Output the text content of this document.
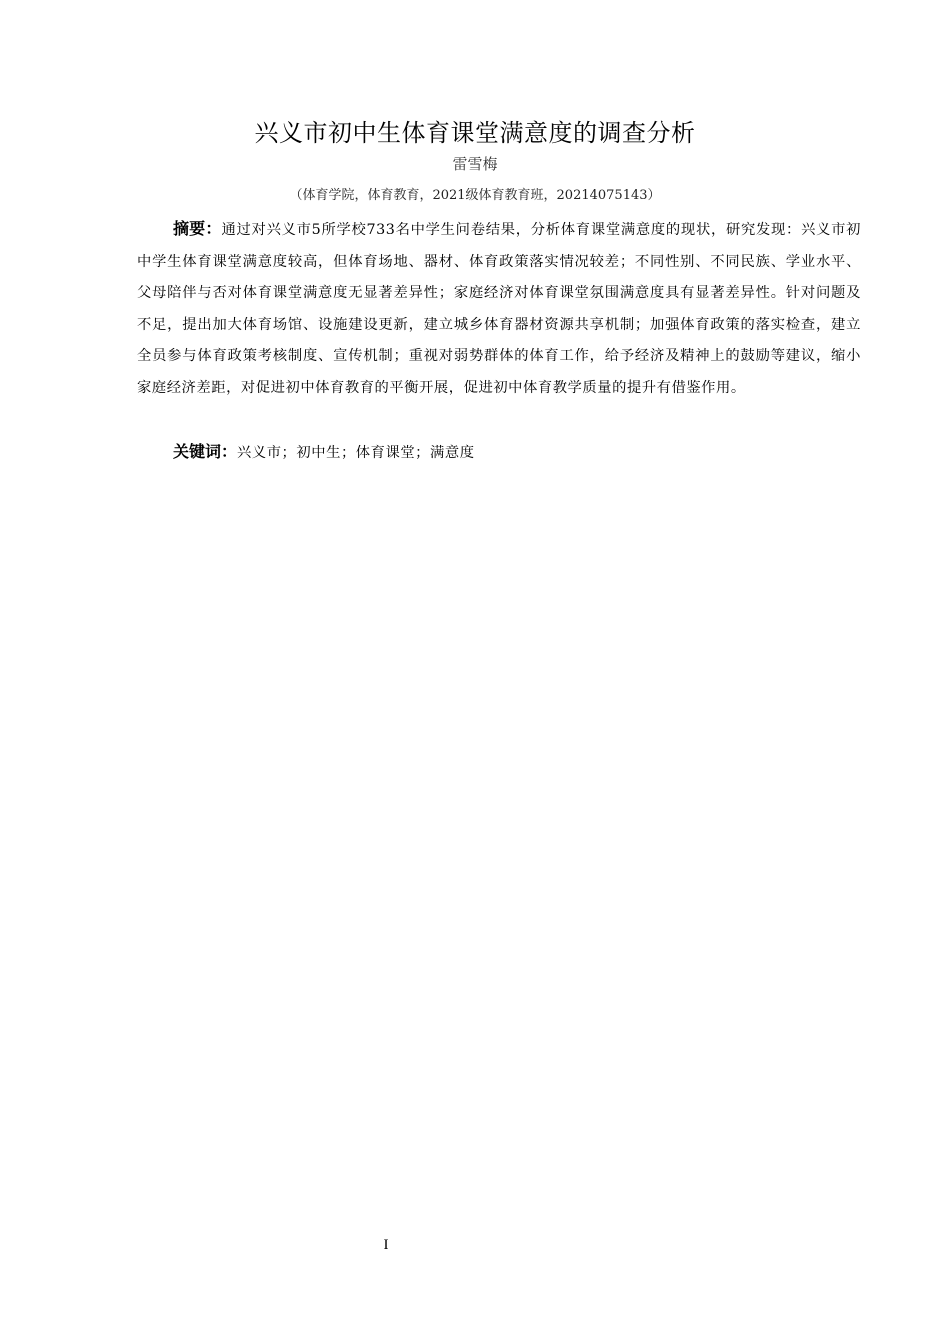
兴义市初中生体育课堂满意度的调查分析
雷雪梅
（体育学院，体育教育，2021级体育教育班，20214075143）

摘要：通过对兴义市5所学校733名中学生问卷结果，分析体育课堂满意度的现状，研究发现：兴义市初中学生体育课堂满意度较高，但体育场地、器材、体育政策落实情况较差；不同性别、不同民族、学业水平、父母陪伴与否对体育课堂满意度无显著差异性；家庭经济对体育课堂氛围满意度具有显著差异性。针对问题及不足，提出加大体育场馆、设施建设更新，建立城乡体育器材资源共享机制；加强体育政策的落实检查，建立全员参与体育政策考核制度、宣传机制；重视对弱势群体的体育工作，给予经济及精神上的鼓励等建议，缩小家庭经济差距，对促进初中体育教育的平衡开展，促进初中体育教学质量的提升有借鉴作用。

关键词：兴义市；初中生；体育课堂；满意度

I
